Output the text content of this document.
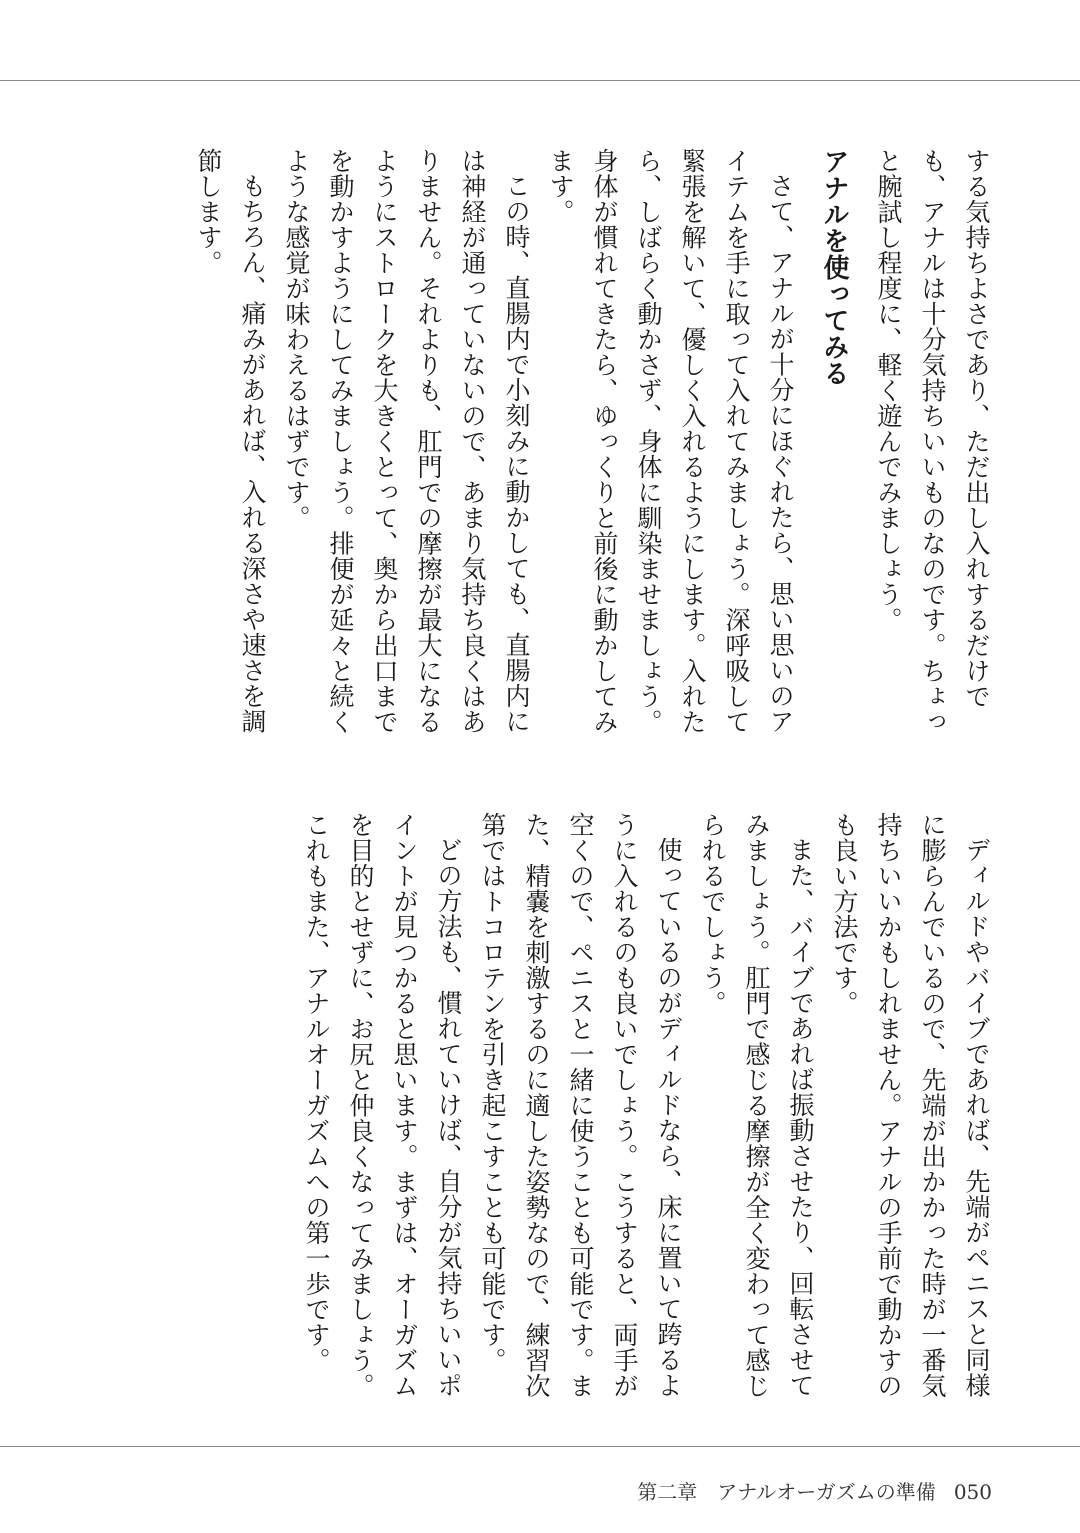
する気持ちよさであり、ただ出し入れするだけでも、アナルは十分気持ちいいものなのです。ちょっと腕試し程度に、軽く遊んでみましょう。

アナルを使ってみる

さて、アナルが十分にほぐれたら、思い思いのアイテムを手に取って入れてみましょう。深呼吸して緊張を解いて、優しく入れるようにします。入れたら、しばらく動かさず、身体に馴染ませましょう。身体が慣れてきたら、ゆっくりと前後に動かしてみます。

この時、直腸内で小刻みに動かしても、直腸内には神経が通っていないので、あまり気持ち良くはありません。それよりも、肛門での摩擦が最大になるようにストロークを大きくとって、奥から出口までを動かすようにしてみましょう。排便が延々と続くような感覚が味わえるはずです。

もちろん、痛みがあれば、入れる深さや速さを調節します。

ディルドやバイブであれば、先端がペニスと同様に膨らんでいるので、先端が出かかった時が一番気持ちいいかもしれません。アナルの手前で動かすのも良い方法です。

また、バイブであれば振動させたり、回転させてみましょう。肛門で感じる摩擦が全く変わって感じられるでしょう。

使っているのがディルドなら、床に置いて跨るように入れるのも良いでしょう。こうすると、両手が空くので、ペニスと一緒に使うことも可能です。また、精嚢を刺激するのに適した姿勢なので、練習次第ではトコロテンを引き起こすことも可能です。

どの方法も、慣れていけば、自分が気持ちいいポイントが見つかると思います。まずは、オーガズムを目的とせずに、お尻と仲良くなってみましょう。これもまた、アナルオーガズムへの第一歩です。

第二章　アナルオーガズムの準備 050
